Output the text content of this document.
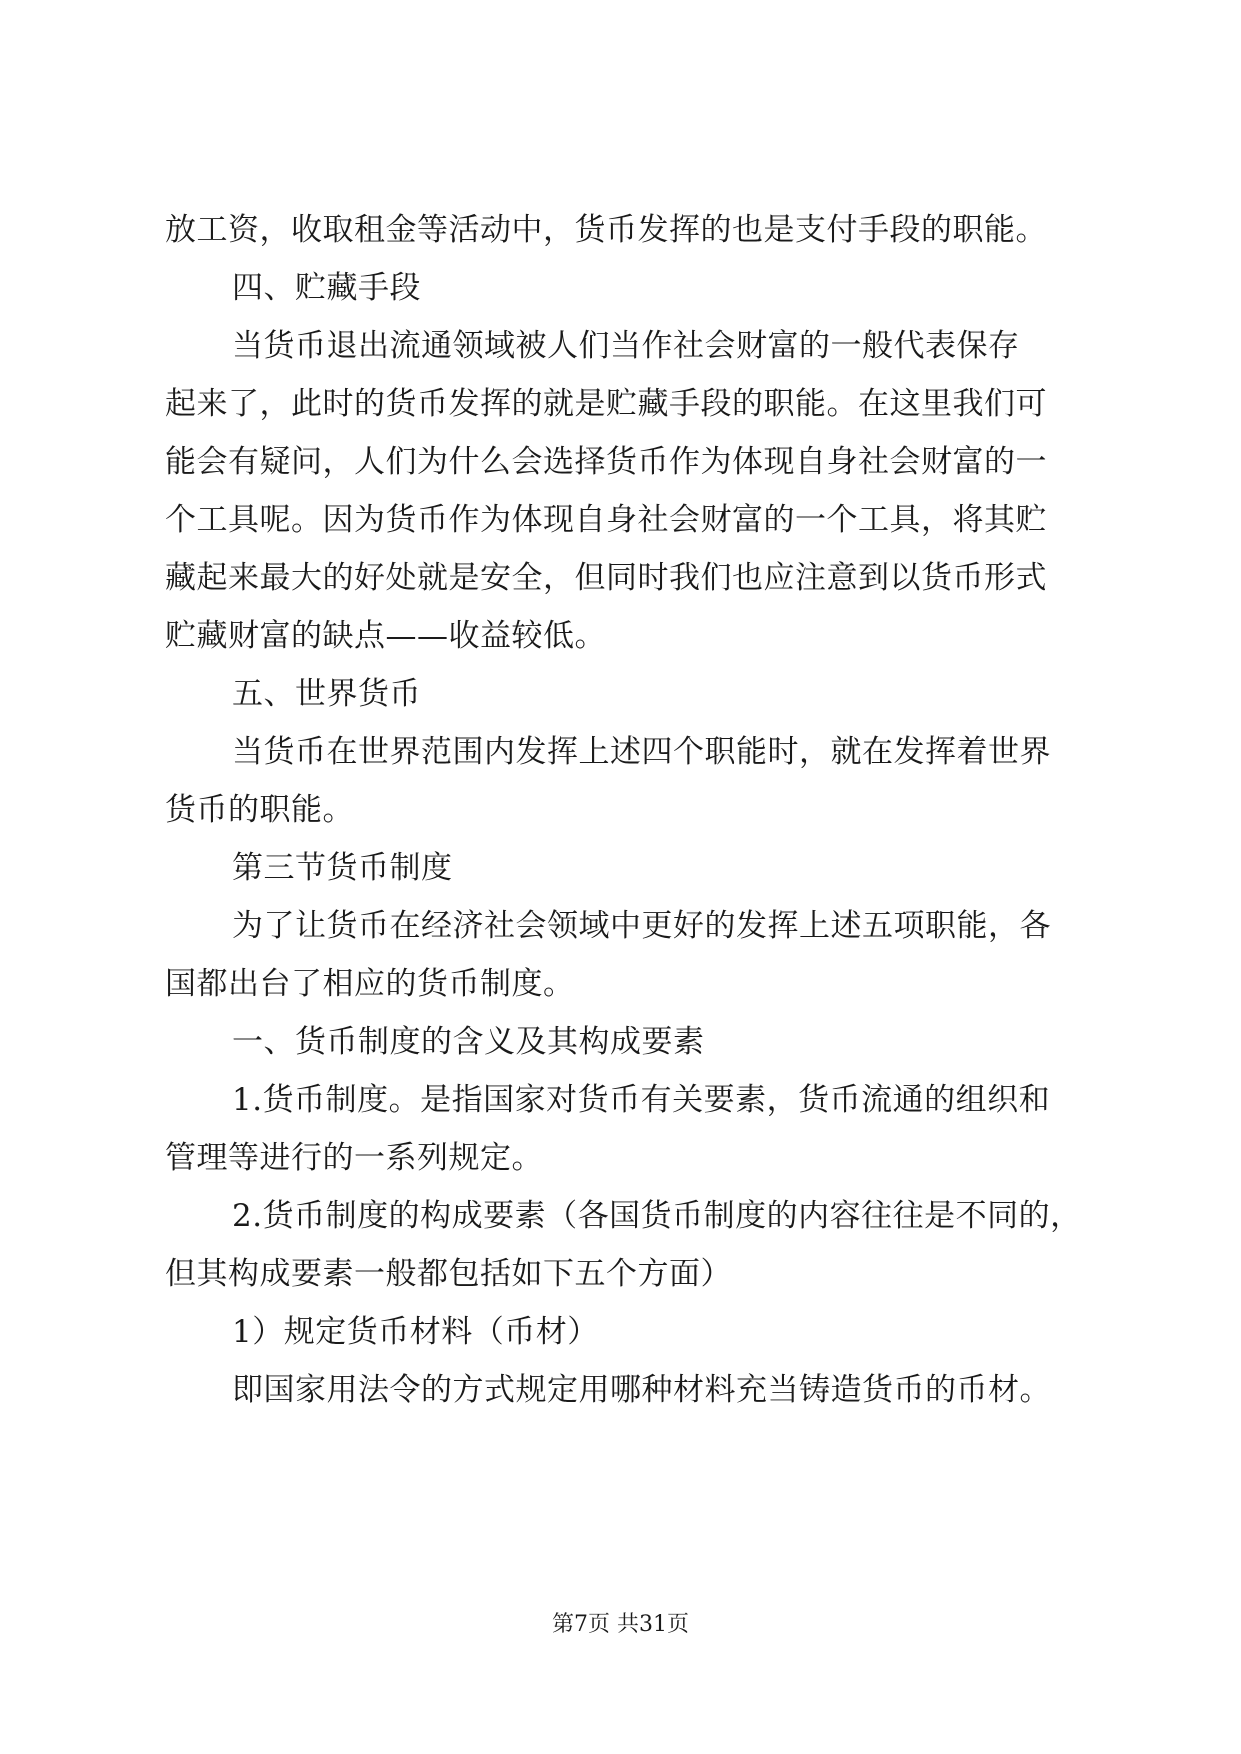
放工资，收取租金等活动中，货币发挥的也是支付手段的职能。
四、贮藏手段
当货币退出流通领域被人们当作社会财富的一般代表保存
起来了，此时的货币发挥的就是贮藏手段的职能。在这里我们可
能会有疑问，人们为什么会选择货币作为体现自身社会财富的一
个工具呢。因为货币作为体现自身社会财富的一个工具，将其贮
藏起来最大的好处就是安全，但同时我们也应注意到以货币形式
贮藏财富的缺点——收益较低。
五、世界货币
当货币在世界范围内发挥上述四个职能时，就在发挥着世界
货币的职能。
第三节货币制度
为了让货币在经济社会领域中更好的发挥上述五项职能，各
国都出台了相应的货币制度。
一、货币制度的含义及其构成要素
1.货币制度。是指国家对货币有关要素，货币流通的组织和
管理等进行的一系列规定。
2.货币制度的构成要素（各国货币制度的内容往往是不同的，
但其构成要素一般都包括如下五个方面）
1）规定货币材料（币材）
即国家用法令的方式规定用哪种材料充当铸造货币的币材。
第7页 共31页
